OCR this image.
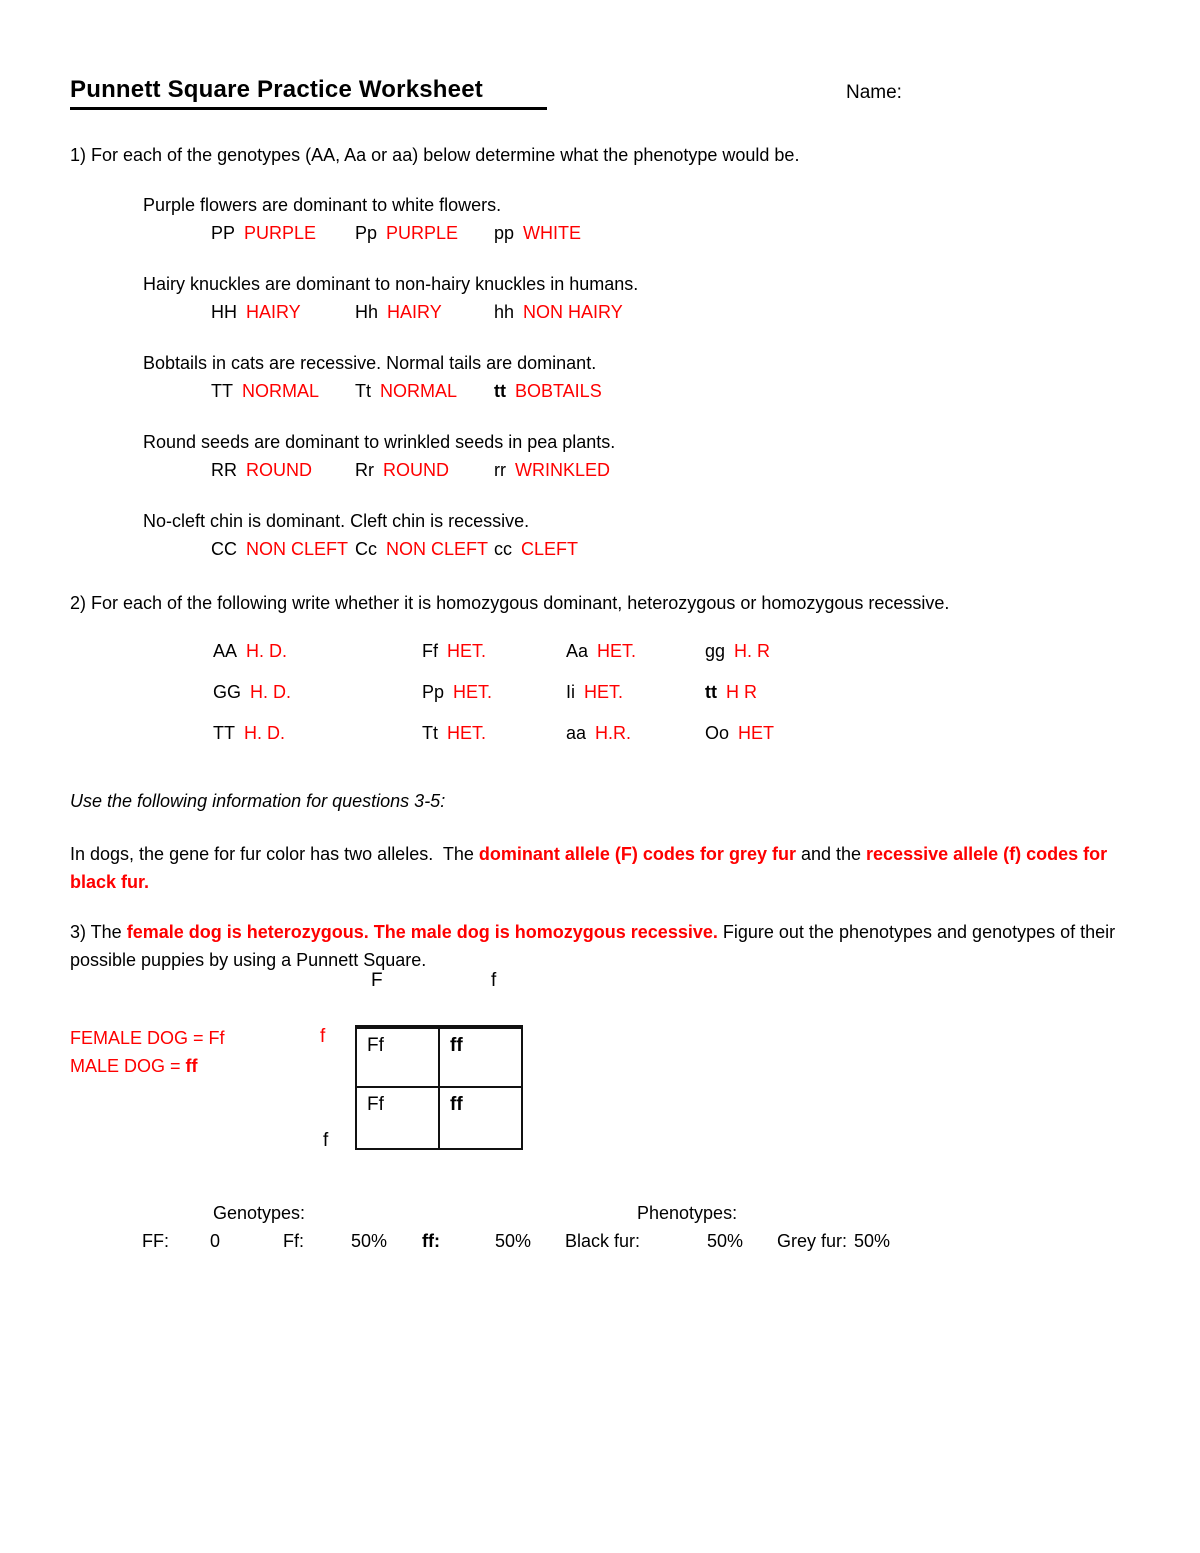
Punnett Square Practice Worksheet	Name:
1) For each of the genotypes (AA, Aa or aa) below determine what the phenotype would be.
Purple flowers are dominant to white flowers.
PP PURPLE Pp PURPLE pp WHITE
Hairy knuckles are dominant to non-hairy knuckles in humans.
HH HAIRY	Hh HAIRY	hh NON HAIRY
Bobtails in cats are recessive. Normal tails are dominant.
TT NORMAL Tt NORMAL tt BOBTAILS
Round seeds are dominant to wrinkled seeds in pea plants.
RR ROUND Rr ROUND	rr WRINKLED
No-cleft chin is dominant. Cleft chin is recessive.
CC NON CLEFT Cc NON CLEFT cc CLEFT
2) For each of the following write whether it is homozygous dominant, heterozygous or homozygous recessive.
AA H. D.	Ff HET.	Aa HET.	gg H. R
GG H. D.	Pp HET.	Ii HET.	tt H R
TT H. D.	Tt HET.	aa H.R.	Oo HET
Use the following information for questions 3-5:
In dogs, the gene for fur color has two alleles.  The dominant allele (F) codes for grey fur and the recessive allele (f) codes for black fur.
3) The female dog is heterozygous. The male dog is homozygous recessive. Figure out the phenotypes and genotypes of their possible puppies by using a Punnett Square.
F	f
FEMALE DOG = Ff
MALE DOG = ff
f
f
Ff	ff
Ff	ff
Genotypes:	Phenotypes:
FF: 0	Ff:	50% ff:	50% Black fur:	50% Grey fur: 50%
